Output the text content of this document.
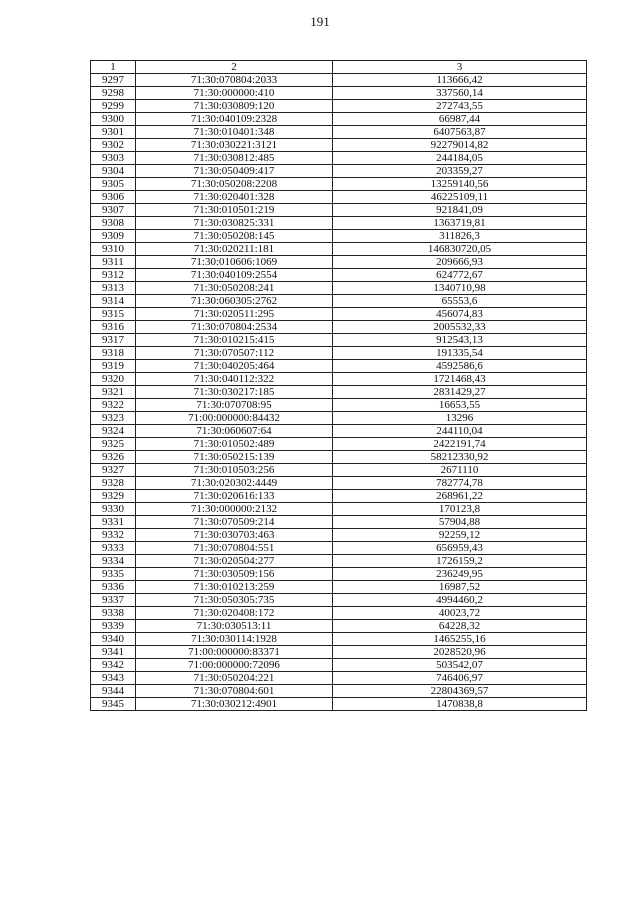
191
1	2	3
9297	71:30:070804:2033	113666,42
9298	71:30:000000:410	337560,14
9299	71:30:030809:120	272743,55
9300	71:30:040109:2328	66987,44
9301	71:30:010401:348	6407563,87
9302	71:30:030221:3121	92279014,82
9303	71:30:030812:485	244184,05
9304	71:30:050409:417	203359,27
9305	71:30:050208:2208	13259140,56
9306	71:30:020401:328	46225109,11
9307	71:30:010501:219	921841,09
9308	71:30:030825:331	1363719,81
9309	71:30:050208:145	311826,3
9310	71:30:020211:181	146830720,05
9311	71:30:010606:1069	209666,93
9312	71:30:040109:2554	624772,67
9313	71:30:050208:241	1340710,98
9314	71:30:060305:2762	65553,6
9315	71:30:020511:295	456074,83
9316	71:30:070804:2534	2005532,33
9317	71:30:010215:415	912543,13
9318	71:30:070507:112	191335,54
9319	71:30:040205:464	4592586,6
9320	71:30:040112:322	1721468,43
9321	71:30:030217:185	2831429,27
9322	71:30:070708:95	16653,55
9323	71:00:000000:84432	13296
9324	71:30:060607:64	244110,04
9325	71:30:010502:489	2422191,74
9326	71:30:050215:139	58212330,92
9327	71:30:010503:256	2671110
9328	71:30:020302:4449	782774,78
9329	71:30:020616:133	268961,22
9330	71:30:000000:2132	170123,8
9331	71:30:070509:214	57904,88
9332	71:30:030703:463	92259,12
9333	71:30:070804:551	656959,43
9334	71:30:020504:277	1726159,2
9335	71:30:030509:156	236249,95
9336	71:30:010213:259	16987,52
9337	71:30:050305:735	4994460,2
9338	71:30:020408:172	40023,72
9339	71:30:030513:11	64228,32
9340	71:30:030114:1928	1465255,16
9341	71:00:000000:83371	2028520,96
9342	71:00:000000:72096	503542,07
9343	71:30:050204:221	746406,97
9344	71:30:070804:601	22804369,57
9345	71:30:030212:4901	1470838,8
